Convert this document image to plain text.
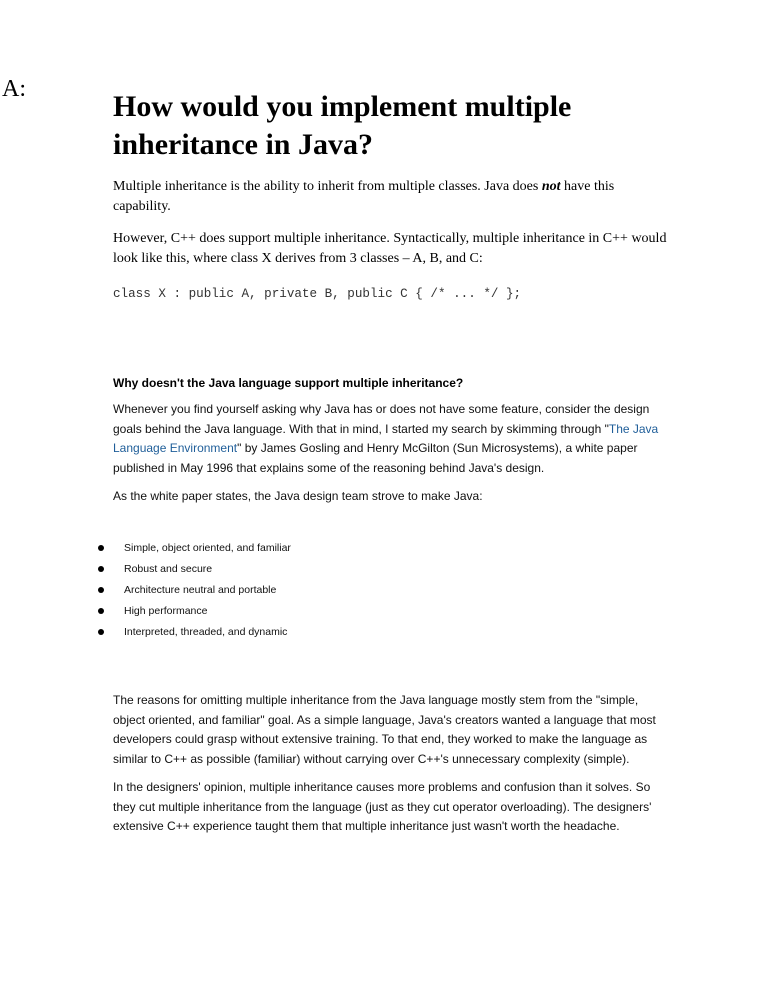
A:
How would you implement multiple inheritance in Java?

Multiple inheritance is the ability to inherit from multiple classes. Java does not have this capability.

However, C++ does support multiple inheritance. Syntactically, multiple inheritance in C++ would look like this, where class X derives from 3 classes – A, B, and C:

class X : public A, private B, public C { /* ... */ };
Why doesn't the Java language support multiple inheritance?

Whenever you find yourself asking why Java has or does not have some feature, consider the design goals behind the Java language. With that in mind, I started my search by skimming through "The Java Language Environment" by James Gosling and Henry McGilton (Sun Microsystems), a white paper published in May 1996 that explains some of the reasoning behind Java's design.

As the white paper states, the Java design team strove to make Java:

Simple, object oriented, and familiar
Robust and secure
Architecture neutral and portable
High performance
Interpreted, threaded, and dynamic

The reasons for omitting multiple inheritance from the Java language mostly stem from the "simple, object oriented, and familiar" goal. As a simple language, Java's creators wanted a language that most developers could grasp without extensive training. To that end, they worked to make the language as similar to C++ as possible (familiar) without carrying over C++'s unnecessary complexity (simple).

In the designers' opinion, multiple inheritance causes more problems and confusion than it solves. So they cut multiple inheritance from the language (just as they cut operator overloading). The designers' extensive C++ experience taught them that multiple inheritance just wasn't worth the headache.
